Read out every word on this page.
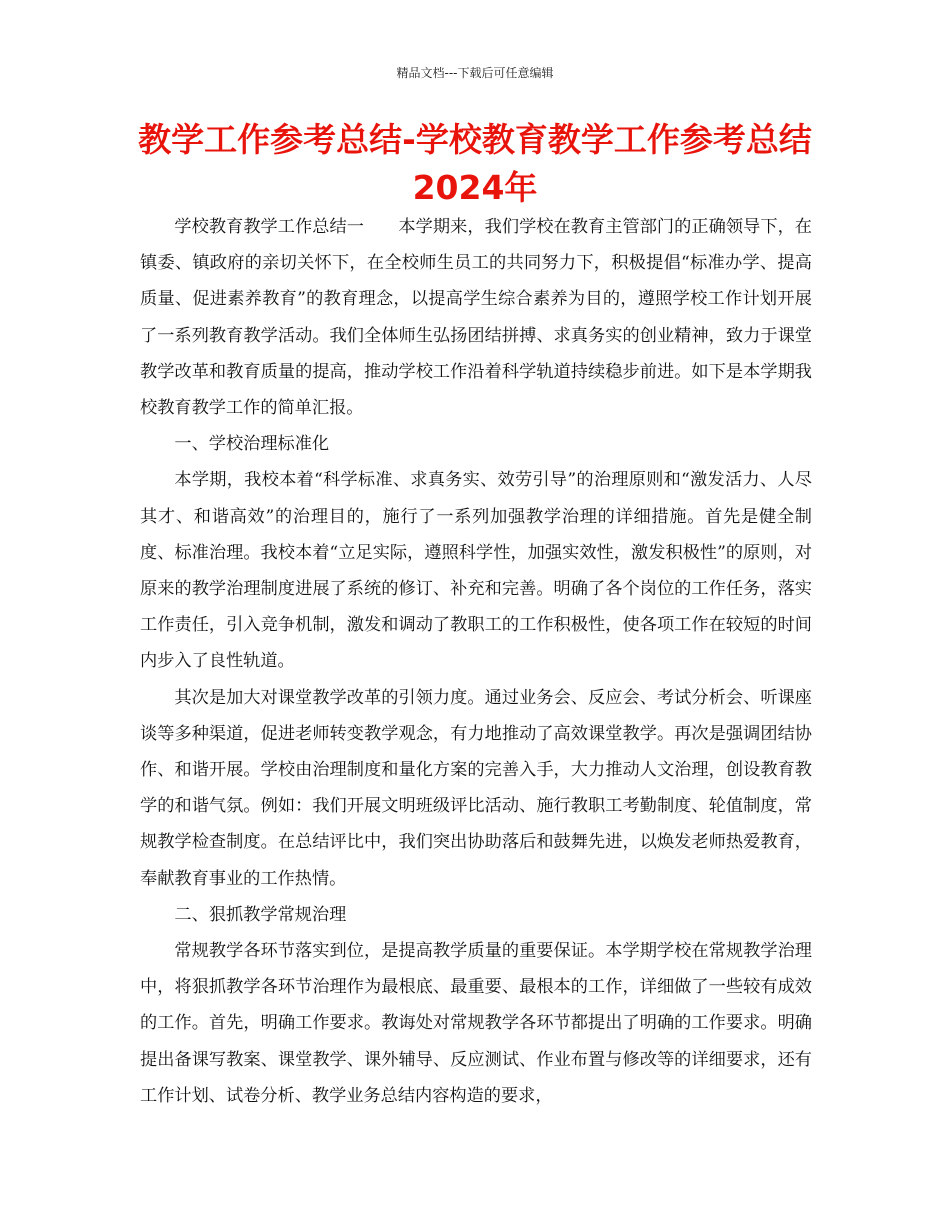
精品文档---下载后可任意编辑
教学工作参考总结-学校教育教学工作参考总结 2024年

学校教育教学工作总结一　　本学期来，我们学校在教育主管部门的正确领导下，在镇委、镇政府的亲切关怀下，在全校师生员工的共同努力下，积极提倡“标准办学、提高质量、促进素养教育”的教育理念，以提高学生综合素养为目的，遵照学校工作计划开展了一系列教育教学活动。我们全体师生弘扬团结拼搏、求真务实的创业精神，致力于课堂教学改革和教育质量的提高，推动学校工作沿着科学轨道持续稳步前进。如下是本学期我校教育教学工作的简单汇报。

一、学校治理标准化

本学期，我校本着“科学标准、求真务实、效劳引导”的治理原则和“激发活力、人尽其才、和谐高效”的治理目的，施行了一系列加强教学治理的详细措施。首先是健全制度、标准治理。我校本着“立足实际，遵照科学性，加强实效性，激发积极性”的原则，对原来的教学治理制度进展了系统的修订、补充和完善。明确了各个岗位的工作任务，落实工作责任，引入竞争机制，激发和调动了教职工的工作积极性，使各项工作在较短的时间内步入了良性轨道。

其次是加大对课堂教学改革的引领力度。通过业务会、反应会、考试分析会、听课座谈等多种渠道，促进老师转变教学观念，有力地推动了高效课堂教学。再次是强调团结协作、和谐开展。学校由治理制度和量化方案的完善入手，大力推动人文治理，创设教育教学的和谐气氛。例如：我们开展文明班级评比活动、施行教职工考勤制度、轮值制度，常规教学检查制度。在总结评比中，我们突出协助落后和鼓舞先进，以焕发老师热爱教育，奉献教育事业的工作热情。

二、狠抓教学常规治理

常规教学各环节落实到位，是提高教学质量的重要保证。本学期学校在常规教学治理中，将狠抓教学各环节治理作为最根底、最重要、最根本的工作，详细做了一些较有成效的工作。首先，明确工作要求。教诲处对常规教学各环节都提出了明确的工作要求。明确提出备课写教案、课堂教学、课外辅导、反应测试、作业布置与修改等的详细要求，还有工作计划、试卷分析、教学业务总结内容构造的要求，
